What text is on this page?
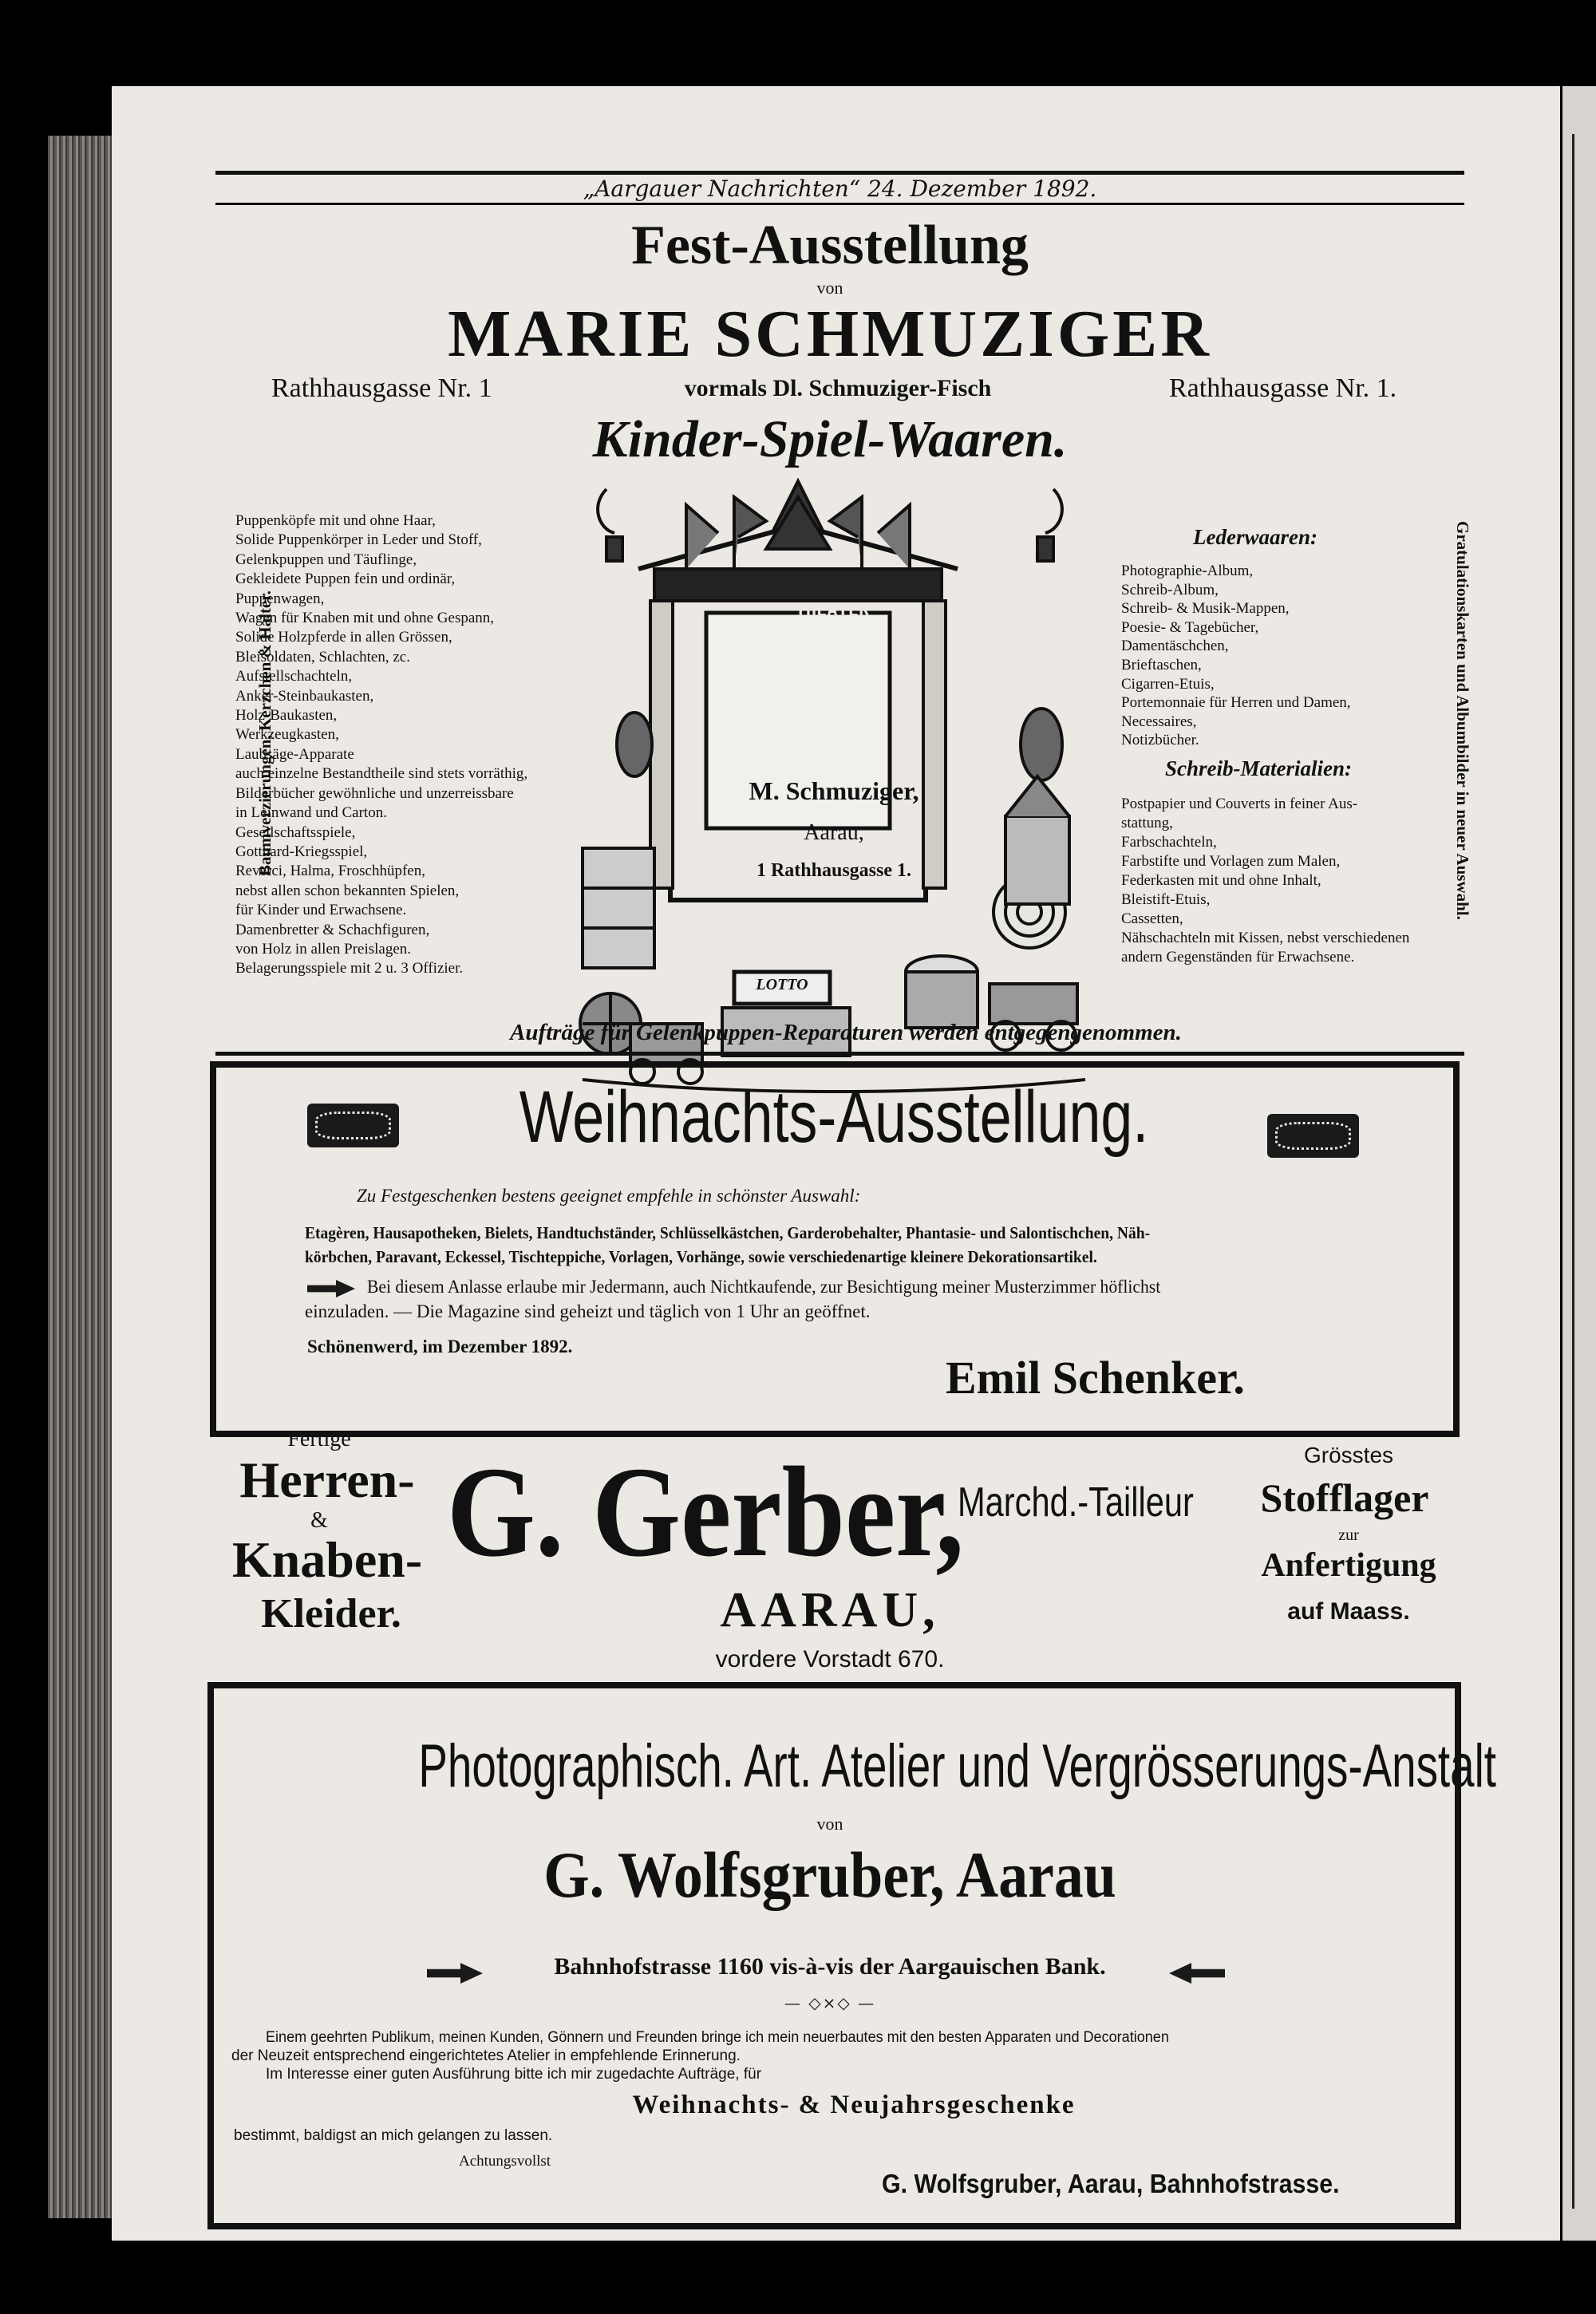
„Aargauer Nachrichten“ 24. Dezember 1892.
Fest-Ausstellung
von
MARIE SCHMUZIGER
Rathhausgasse Nr. 1	vormals Dl. Schmuziger-Fisch	Rathhausgasse Nr. 1.
Kinder-Spiel-Waaren.
Baumverzierungen, Kerzchen & Halter.
Puppenköpfe mit und ohne Haar,
Solide Puppenkörper in Leder und Stoff,
Gelenkpuppen und Täuflinge,
Gekleidete Puppen fein und ordinär,
Puppenwagen,
Wagen für Knaben mit und ohne Gespann,
Solide Holzpferde in allen Grössen,
Bleisoldaten, Schlachten, zc.
Aufstellschachteln,
Anker-Steinbaukasten,
Holz-Baukasten,
Werkzeugkasten,
Laubsäge-Apparate
auch einzelne Bestandtheile sind stets vorräthig,
Bilderbücher gewöhnliche und unzerreissbare
in Leinwand und Carton.
Gesellschaftsspiele,
Gotthard-Kriegsspiel,
Reverci, Halma, Froschhüpfen,
nebst allen schon bekannten Spielen,
für Kinder und Erwachsene.
Damenbretter & Schachfiguren,
von Holz in allen Preislagen.
Belagerungsspiele mit 2 u. 3 Offizier.
THEATER
M. Schmuziger,
Aarau,
1 Rathhausgasse 1.
LOTTO
Lederwaaren:
Photographie-Album,
Schreib-Album,
Schreib- & Musik-Mappen,
Poesie- & Tagebücher,
Damentäschchen,
Brieftaschen,
Cigarren-Etuis,
Portemonnaie für Herren und Damen,
Necessaires,
Notizbücher.
Schreib-Materialien:
Postpapier und Couverts in feiner Aus-
stattung,
Farbschachteln,
Farbstifte und Vorlagen zum Malen,
Federkasten mit und ohne Inhalt,
Bleistift-Etuis,
Cassetten,
Nähschachteln mit Kissen, nebst verschiedenen
andern Gegenständen für Erwachsene.
Gratulationskarten und Albumbilder in neuer Auswahl.
Aufträge für Gelenkpuppen-Reparaturen werden entgegengenommen.
Weihnachts-Ausstellung.
Zu Festgeschenken bestens geeignet empfehle in schönster Auswahl:
Etagèren, Hausapotheken, Bielets, Handtuchständer, Schlüsselkästchen, Garderobehalter, Phantasie- und Salontischchen, Näh-
körbchen, Paravant, Eckessel, Tischteppiche, Vorlagen, Vorhänge, sowie verschiedenartige kleinere Dekorationsartikel.
Bei diesem Anlasse erlaube mir Jedermann, auch Nichtkaufende, zur Besichtigung meiner Musterzimmer höflichst
einzuladen. — Die Magazine sind geheizt und täglich von 1 Uhr an geöffnet.
Schönenwerd, im Dezember 1892.
Emil Schenker.
Fertige
Herren-
&
Knaben-
Kleider.
G. Gerber,
Marchd.-Tailleur
AARAU,
vordere Vorstadt 670.
Grösstes
Stofflager
zur
Anfertigung
auf Maass.
Photographisch. Art. Atelier und Vergrösserungs-Anstalt
von
G. Wolfsgruber, Aarau
Bahnhofstrasse 1160 vis-à-vis der Aargauischen Bank.
— ◇×◇ —
Einem geehrten Publikum, meinen Kunden, Gönnern und Freunden bringe ich mein neuerbautes mit den besten Apparaten und Decorationen
der Neuzeit entsprechend eingerichtetes Atelier in empfehlende Erinnerung.
Im Interesse einer guten Ausführung bitte ich mir zugedachte Aufträge, für
Weihnachts- & Neujahrsgeschenke
bestimmt, baldigst an mich gelangen zu lassen.
Achtungsvollst
G. Wolfsgruber, Aarau, Bahnhofstrasse.
